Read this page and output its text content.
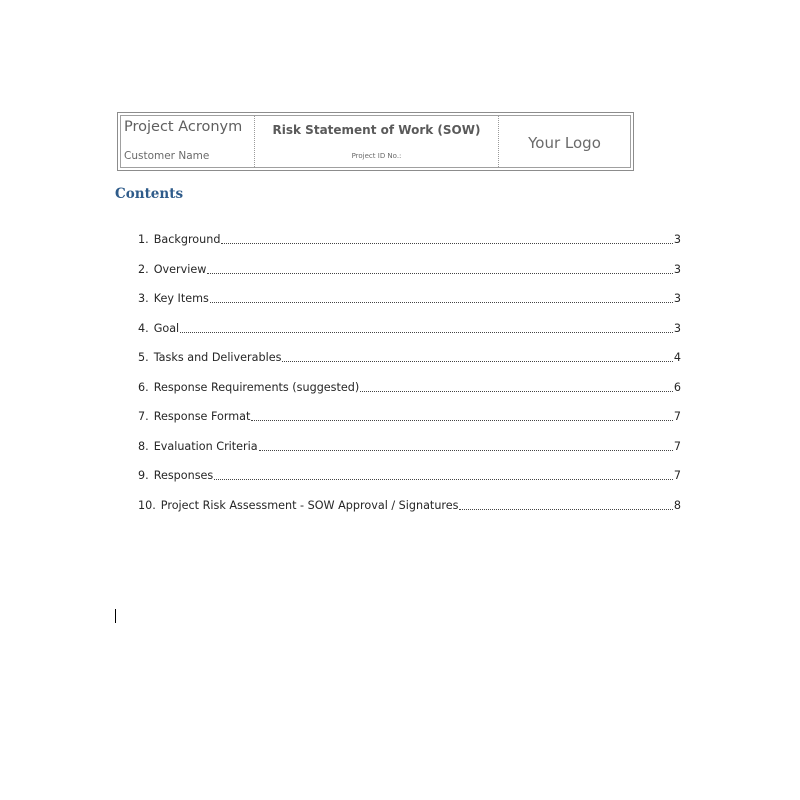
Project Acronym
Customer Name
Risk Statement of Work (SOW)
Project ID No.:
Your Logo
Contents
1. Background	3
2. Overview	3
3. Key Items	3
4. Goal	3
5. Tasks and Deliverables	4
6. Response Requirements (suggested)	6
7. Response Format	7
8. Evaluation Criteria	7
9. Responses	7
10. Project Risk Assessment - SOW Approval / Signatures	8
